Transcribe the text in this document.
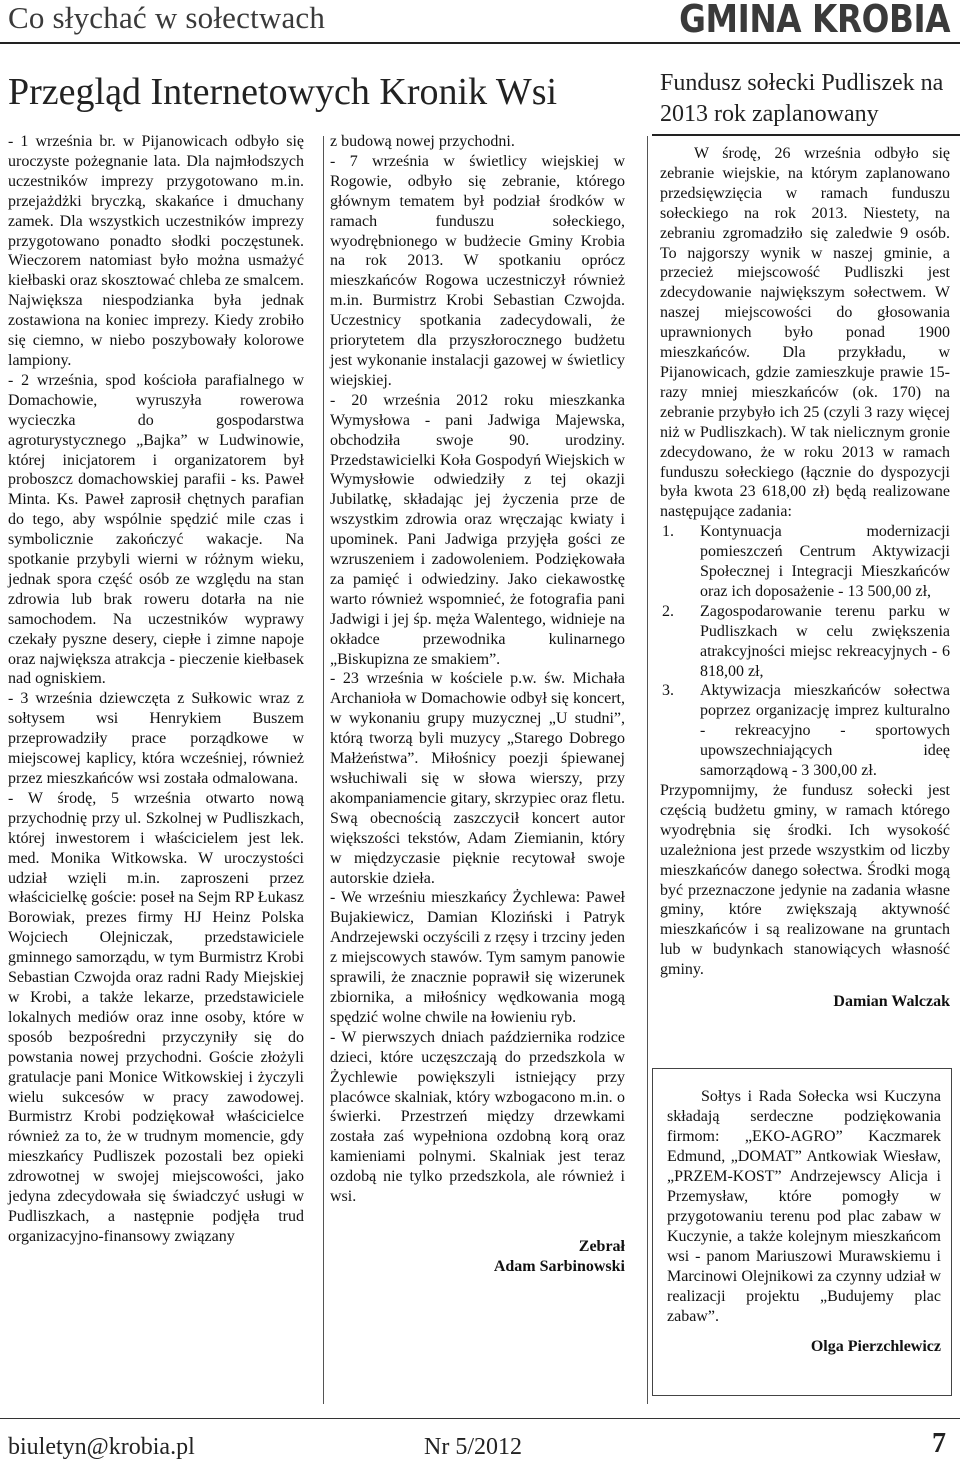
Co słychać w sołectwach	GMINA KROBIA
Przegląd Internetowych Kronik Wsi	Fundusz sołecki Pudliszek na 2013 rok zaplanowany

- 1 września br. w Pijanowicach odbyło się uroczyste pożegnanie lata. Dla najmłodszych uczestników imprezy przygotowano m.in. przejażdżki bryczką, skakańce i dmuchany zamek. Dla wszystkich uczestników imprezy przygotowano ponadto słodki poczęstunek. Wieczorem natomiast było można usmażyć kiełbaski oraz skosztować chleba ze smalcem. Największa niespodzianka była jednak zostawiona na koniec imprezy. Kiedy zrobiło się ciemno, w niebo poszybowały kolorowe lampiony.

- 2 września, spod kościoła parafialnego w Domachowie, wyruszyła rowerowa wycieczka do gospodarstwa agroturystycznego „Bajka” w Ludwinowie, której inicjatorem i organizatorem był proboszcz domachowskiej parafii - ks. Paweł Minta. Ks. Paweł zaprosił chętnych parafian do tego, aby wspólnie spędzić mile czas i symbolicznie zakończyć wakacje. Na spotkanie przybyli wierni w różnym wieku, jednak spora część osób ze względu na stan zdrowia lub brak roweru dotarła na nie samochodem. Na uczestników wyprawy czekały pyszne desery, ciepłe i zimne napoje oraz największa atrakcja - pieczenie kiełbasek nad ogniskiem.

- 3 września dziewczęta z Sułkowic wraz z sołtysem wsi Henrykiem Buszem przeprowadziły prace porządkowe w miejscowej kaplicy, która wcześniej, również przez mieszkańców wsi została odmalowana.

- W środę, 5 września otwarto nową przychodnię przy ul. Szkolnej w Pudliszkach, której inwestorem i właścicielem jest lek. med. Monika Witkowska. W uroczystości udział wzięli m.in. zaproszeni przez właścicielkę goście: poseł na Sejm RP Łukasz Borowiak, prezes firmy HJ Heinz Polska Wojciech Olejniczak, przedstawiciele gminnego samorządu, w tym Burmistrz Krobi Sebastian Czwojda oraz radni Rady Miejskiej w Krobi, a także lekarze, przedstawiciele lokalnych mediów oraz inne osoby, które w sposób bezpośredni przyczyniły się do powstania nowej przychodni. Goście złożyli gratulacje pani Monice Witkowskiej i życzyli wielu sukcesów w pracy zawodowej. Burmistrz Krobi podziękował właścicielce również za to, że w trudnym momencie, gdy mieszkańcy Pudliszek pozostali bez opieki zdrowotnej w swojej miejscowości, jako jedyna zdecydowała się świadczyć usługi w Pudliszkach, a następnie podjęła trud organizacyjno-finansowy związany

z budową nowej przychodni.

- 7 września w świetlicy wiejskiej w Rogowie, odbyło się zebranie, którego głównym tematem był podział środków w ramach funduszu sołeckiego, wyodrębnionego w budżecie Gminy Krobia na rok 2013. W spotkaniu oprócz mieszkańców Rogowa uczestniczył również m.in. Burmistrz Krobi Sebastian Czwojda. Uczestnicy spotkania zadecydowali, że priorytetem dla przyszłorocznego budżetu jest wykonanie instalacji gazowej w świetlicy wiejskiej.

- 20 września 2012 roku mieszkanka Wymysłowa - pani Jadwiga Majewska, obchodziła swoje 90. urodziny. Przedstawicielki Koła Gospodyń Wiejskich w Wymysłowie odwiedziły z tej okazji Jubilatkę, składając jej życzenia prze de wszystkim zdrowia oraz wręczając kwiaty i upominek. Pani Jadwiga przyjęła gości ze wzruszeniem i zadowoleniem. Podziękowała za pamięć i odwiedziny. Jako ciekawostkę warto również wspomnieć, że fotografia pani Jadwigi i jej śp. męża Walentego, widnieje na okładce przewodnika kulinarnego „Biskupizna ze smakiem”.

- 23 września w kościele p.w. św. Michała Archanioła w Domachowie odbył się koncert, w wykonaniu grupy muzycznej „U studni”, którą tworzą byli muzycy „Starego Dobrego Małżeństwa”. Miłośnicy poezji śpiewanej wsłuchiwali się w słowa wierszy, przy akompaniamencie gitary, skrzypiec oraz fletu. Swą obecnością zaszczycił koncert autor większości tekstów, Adam Ziemianin, który w międzyczasie pięknie recytował swoje autorskie dzieła.

- We wrześniu mieszkańcy Żychlewa: Paweł Bujakiewicz, Damian Kloziński i Patryk Andrzejewski oczyścili z rzęsy i trzciny jeden z miejscowych stawów. Tym samym panowie sprawili, że znacznie poprawił się wizerunek zbiornika, a miłośnicy wędkowania mogą spędzić wolne chwile na łowieniu ryb.

- W pierwszych dniach października rodzice dzieci, które uczęszczają do przedszkola w Żychlewie powiększyli istniejący przy placówce skalniak, który wzbogacono m.in. o świerki. Przestrzeń między drzewkami została zaś wypełniona ozdobną korą oraz kamieniami polnymi. Skalniak jest teraz ozdobą nie tylko przedszkola, ale również i wsi.

Zebrał

Adam Sarbinowski

W środę, 26 września odbyło się zebranie wiejskie, na którym zaplanowano przedsięwzięcia w ramach funduszu sołeckiego na rok 2013. Niestety, na zebraniu zgromadziło się zaledwie 9 osób. To najgorszy wynik w naszej gminie, a przecież miejscowość Pudliszki jest zdecydowanie największym sołectwem. W naszej miejscowości do głosowania uprawnionych było ponad 1900 mieszkańców. Dla przykładu, w Pijanowicach, gdzie zamieszkuje prawie 15-razy mniej mieszkańców (ok. 170) na zebranie przybyło ich 25 (czyli 3 razy więcej niż w Pudliszkach). W tak nielicznym gronie zdecydowano, że w roku 2013 w ramach funduszu sołeckiego (łącznie do dyspozycji była kwota 23 618,00 zł) będą realizowane następujące zadania:

1. Kontynuacja modernizacji pomieszczeń Centrum Aktywizacji Społecznej i Integracji Mieszkańców oraz ich doposażenie - 13 500,00 zł,
2. Zagospodarowanie terenu parku w Pudliszkach w celu zwiększenia atrakcyjności miejsc rekreacyjnych - 6 818,00 zł,
3. Aktywizacja mieszkańców sołectwa poprzez organizację imprez kulturalno - rekreacyjno - sportowych upowszechniających ideę samorządową - 3 300,00 zł.

Przypomnijmy, że fundusz sołecki jest częścią budżetu gminy, w ramach którego wyodrębnia się środki. Ich wysokość uzależniona jest przede wszystkim od liczby mieszkańców danego sołectwa. Środki mogą być przeznaczone jedynie na zadania własne gminy, które zwiększają aktywność mieszkańców i są realizowane na gruntach lub w budynkach stanowiących własność gminy.

Damian Walczak

Sołtys i Rada Sołecka wsi Kuczyna składają serdeczne podziękowania firmom: „EKO-AGRO” Kaczmarek Edmund, „DOMAT” Antkowiak Wiesław, „PRZEM-KOST” Andrzejewscy Alicja i Przemysław, które pomogły w przygotowaniu terenu pod plac zabaw w Kuczynie, a także kolejnym mieszkańcom wsi - panom Mariuszowi Murawskiemu i Marcinowi Olejnikowi za czynny udział w realizacji projektu „Budujemy plac zabaw”.

Olga Pierzchlewicz

biuletyn@krobia.pl	Nr 5/2012	7
